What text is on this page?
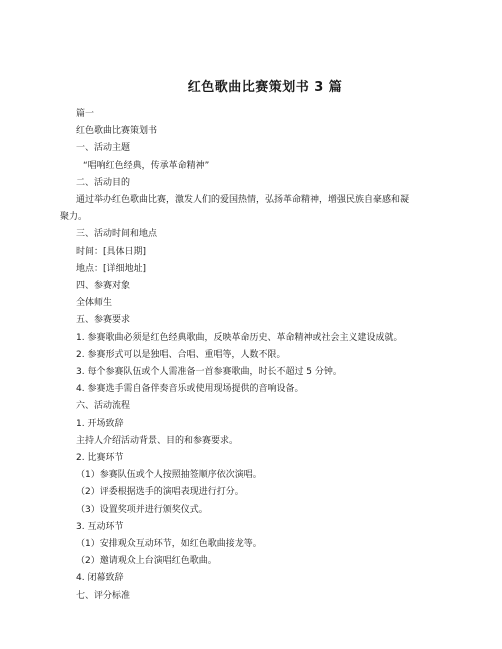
红色歌曲比赛策划书 3 篇

篇一

红色歌曲比赛策划书

一、活动主题

“唱响红色经典，传承革命精神”

二、活动目的

通过举办红色歌曲比赛，激发人们的爱国热情，弘扬革命精神，增强民族自豪感和凝

聚力。

三、活动时间和地点

时间：[具体日期]

地点：[详细地址]

四、参赛对象

全体师生

五、参赛要求

1. 参赛歌曲必须是红色经典歌曲，反映革命历史、革命精神或社会主义建设成就。

2. 参赛形式可以是独唱、合唱、重唱等，人数不限。

3. 每个参赛队伍或个人需准备一首参赛歌曲，时长不超过 5 分钟。

4. 参赛选手需自备伴奏音乐或使用现场提供的音响设备。

六、活动流程

1. 开场致辞

主持人介绍活动背景、目的和参赛要求。

2. 比赛环节

（1）参赛队伍或个人按照抽签顺序依次演唱。

（2）评委根据选手的演唱表现进行打分。

（3）设置奖项并进行颁奖仪式。

3. 互动环节

（1）安排观众互动环节，如红色歌曲接龙等。

（2）邀请观众上台演唱红色歌曲。

4. 闭幕致辞

七、评分标准
